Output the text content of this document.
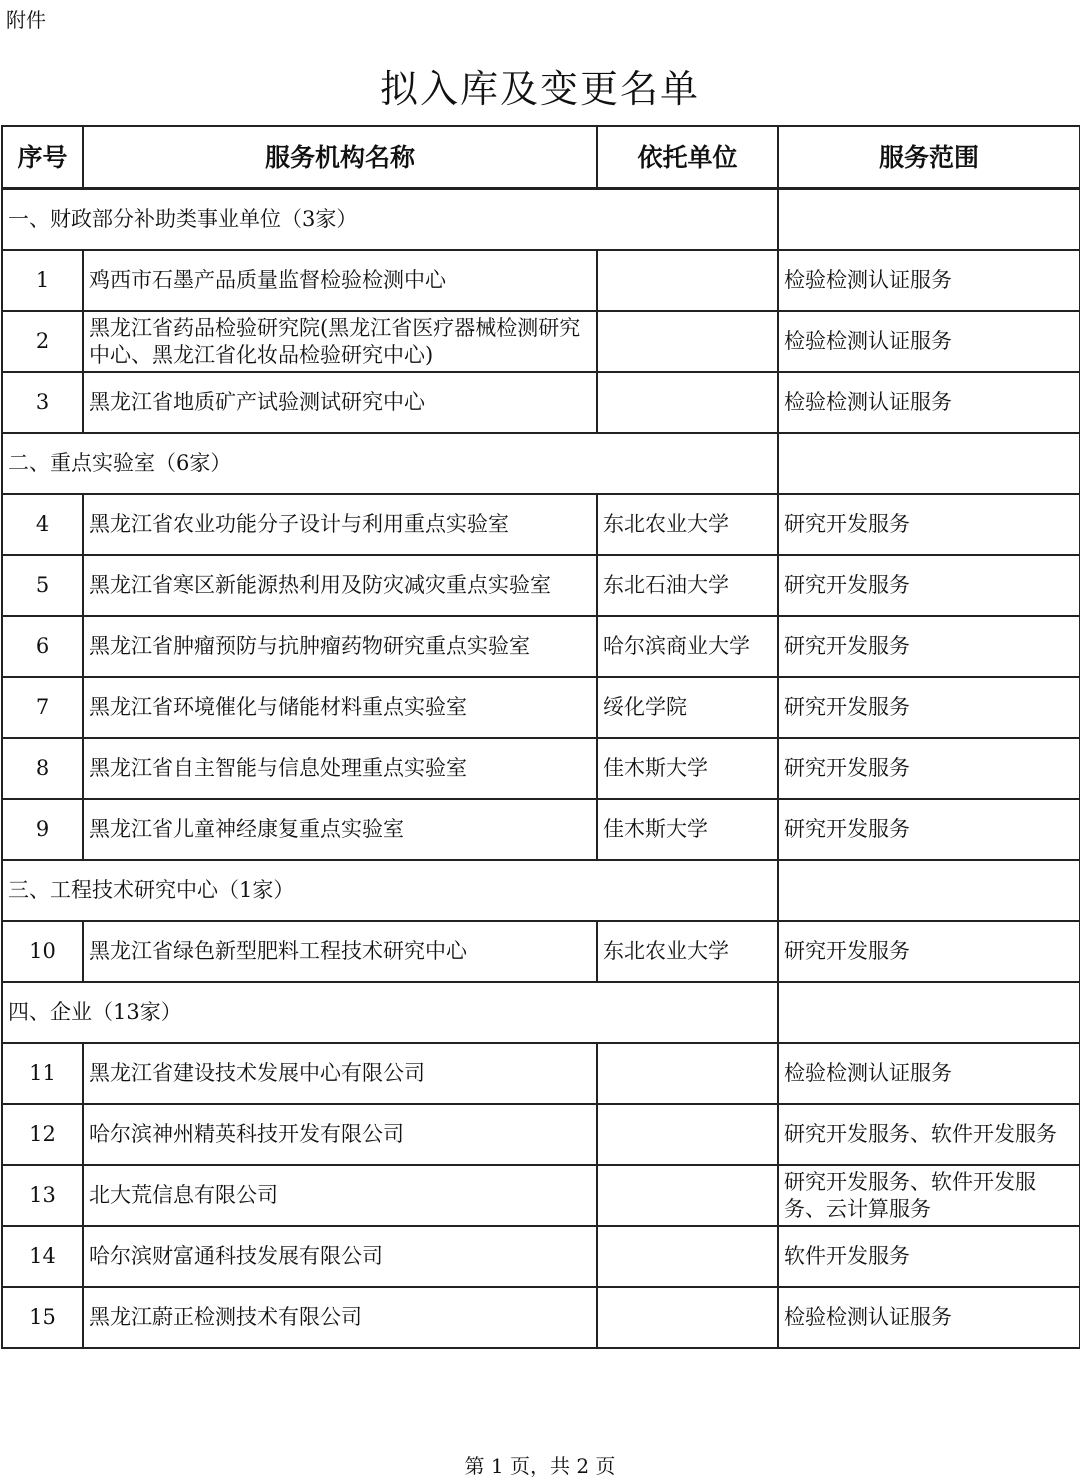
附件
拟入库及变更名单
序号	服务机构名称	依托单位	服务范围
一、财政部分补助类事业单位（3家）			
1	鸡西市石墨产品质量监督检验检测中心		检验检测认证服务
2	黑龙江省药品检验研究院(黑龙江省医疗器械检测研究中心、黑龙江省化妆品检验研究中心)		检验检测认证服务
3	黑龙江省地质矿产试验测试研究中心		检验检测认证服务
二、重点实验室（6家）			
4	黑龙江省农业功能分子设计与利用重点实验室	东北农业大学	研究开发服务
5	黑龙江省寒区新能源热利用及防灾减灾重点实验室	东北石油大学	研究开发服务
6	黑龙江省肿瘤预防与抗肿瘤药物研究重点实验室	哈尔滨商业大学	研究开发服务
7	黑龙江省环境催化与储能材料重点实验室	绥化学院	研究开发服务
8	黑龙江省自主智能与信息处理重点实验室	佳木斯大学	研究开发服务
9	黑龙江省儿童神经康复重点实验室	佳木斯大学	研究开发服务
三、工程技术研究中心（1家）			
10	黑龙江省绿色新型肥料工程技术研究中心	东北农业大学	研究开发服务
四、企业（13家）			
11	黑龙江省建设技术发展中心有限公司		检验检测认证服务
12	哈尔滨神州精英科技开发有限公司		研究开发服务、软件开发服务
13	北大荒信息有限公司		研究开发服务、软件开发服务、云计算服务
14	哈尔滨财富通科技发展有限公司		软件开发服务
15	黑龙江蔚正检测技术有限公司		检验检测认证服务
第 1 页，共 2 页
